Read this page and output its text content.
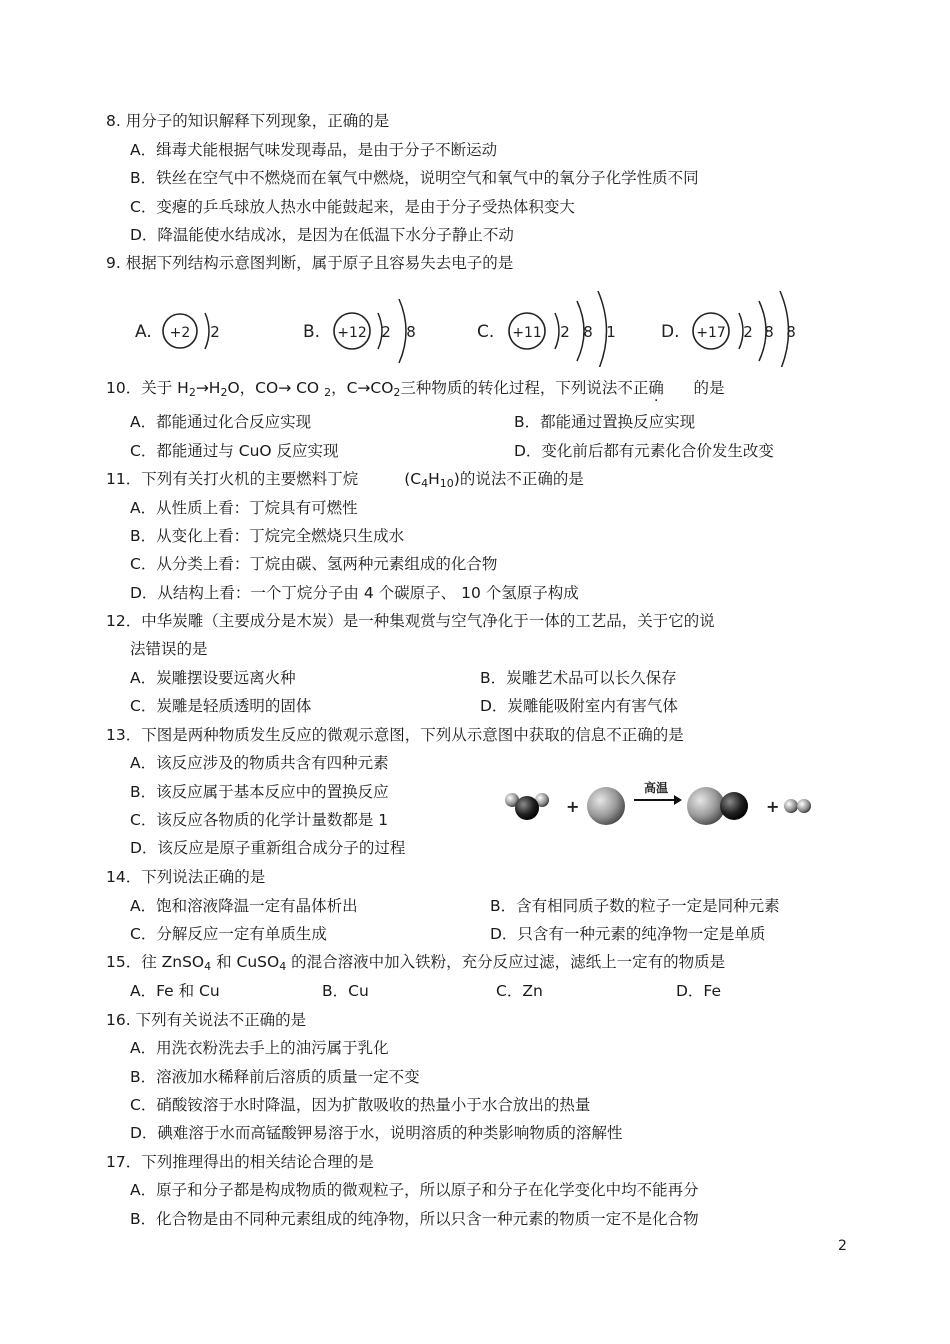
8. 用分子的知识解释下列现象，正确的是
A．缉毒犬能根据气味发现毒品，是由于分子不断运动
B．铁丝在空气中不燃烧而在氧气中燃烧，说明空气和氧气中的氧分子化学性质不同
C．变瘪的乒乓球放人热水中能鼓起来，是由于分子受热体积变大
D．降温能使水结成冰，是因为在低温下水分子静止不动
9. 根据下列结构示意图判断，属于原子且容易失去电子的是
A. +2 2	B. +12 2 8	C. +11 2 8 1	D. +17 2 8 8
10．关于 $H_2\to H_2O$，CO→ CO $_2$，$C\to CO_2$三种物质的转化过程，下列说法不正确　 的是
A．都能通过化合反应实现	B．都能通过置换反应实现
C．都能通过与 CuO 反应实现	D．变化前后都有元素化合价发生改变
11．下列有关打火机的主要燃料丁烷	$(C_4H_{10})$的说法不正确的是
A．从性质上看：丁烷具有可燃性
B．从变化上看：丁烷完全燃烧只生成水
C．从分类上看：丁烷由碳、氢两种元素组成的化合物
D．从结构上看：一个丁烷分子由 4 个碳原子、 10 个氢原子构成
12．中华炭雕（主要成分是木炭）是一种集观赏与空气净化于一体的工艺品，关于它的说
法错误的是
A．炭雕摆设要远离火种	B．炭雕艺术品可以长久保存
C．炭雕是轻质透明的固体	D．炭雕能吸附室内有害气体
13．下图是两种物质发生反应的微观示意图，下列从示意图中获取的信息不正确的是
A．该反应涉及的物质共含有四种元素
B．该反应属于基本反应中的置换反应
C．该反应各物质的化学计量数都是 1
D．该反应是原子重新组合成分子的过程
+
高温
+
14．下列说法正确的是
A．饱和溶液降温一定有晶体析出	B．含有相同质子数的粒子一定是同种元素
C．分解反应一定有单质生成	D．只含有一种元素的纯净物一定是单质
15．往 ZnSO$_4$ 和 CuSO$_4$ 的混合溶液中加入铁粉，充分反应过滤，滤纸上一定有的物质是
A．Fe 和 Cu	B．Cu	C．Zn	D．Fe
16. 下列有关说法不正确的是
A．用洗衣粉洗去手上的油污属于乳化
B．溶液加水稀释前后溶质的质量一定不变
C．硝酸铵溶于水时降温，因为扩散吸收的热量小于水合放出的热量
D．碘难溶于水而高锰酸钾易溶于水，说明溶质的种类影响物质的溶解性
17．下列推理得出的相关结论合理的是
A．原子和分子都是构成物质的微观粒子，所以原子和分子在化学变化中均不能再分
B．化合物是由不同种元素组成的纯净物，所以只含一种元素的物质一定不是化合物
2
